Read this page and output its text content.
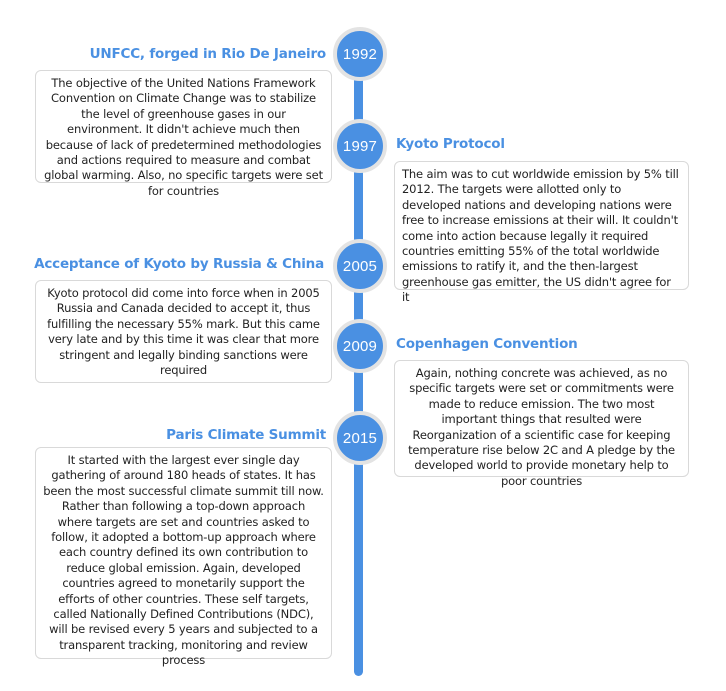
1992
UNFCC, forged in Rio De Janeiro
The objective of the United Nations Framework Convention on Climate Change was to stabilize the level of greenhouse gases in our environment. It didn't achieve much then because of lack of predetermined methodologies and actions required to measure and combat global warming. Also, no specific targets were set for countries
1997 Kyoto Protocol
The aim was to cut worldwide emission by 5% till 2012. The targets were allotted only to developed nations and developing nations were free to increase emissions at their will. It couldn't come into action because legally it required countries emitting 55% of the total worldwide emissions to ratify it, and the then-largest greenhouse gas emitter, the US didn't agree for it
2005
Acceptance of Kyoto by Russia & China
Kyoto protocol did come into force when in 2005 Russia and Canada decided to accept it, thus fulfilling the necessary 55% mark. But this came very late and by this time it was clear that more stringent and legally binding sanctions were required
2009 Copenhagen Convention
Again, nothing concrete was achieved, as no specific targets were set or commitments were made to reduce emission. The two most important things that resulted were Reorganization of a scientific case for keeping temperature rise below 2C and A pledge by the developed world to provide monetary help to poor countries
2015
Paris Climate Summit
It started with the largest ever single day gathering of around 180 heads of states. It has been the most successful climate summit till now. Rather than following a top-down approach where targets are set and countries asked to follow, it adopted a bottom-up approach where each country defined its own contribution to reduce global emission. Again, developed countries agreed to monetarily support the efforts of other countries. These self targets, called Nationally Defined Contributions (NDC), will be revised every 5 years and subjected to a transparent tracking, monitoring and review process
